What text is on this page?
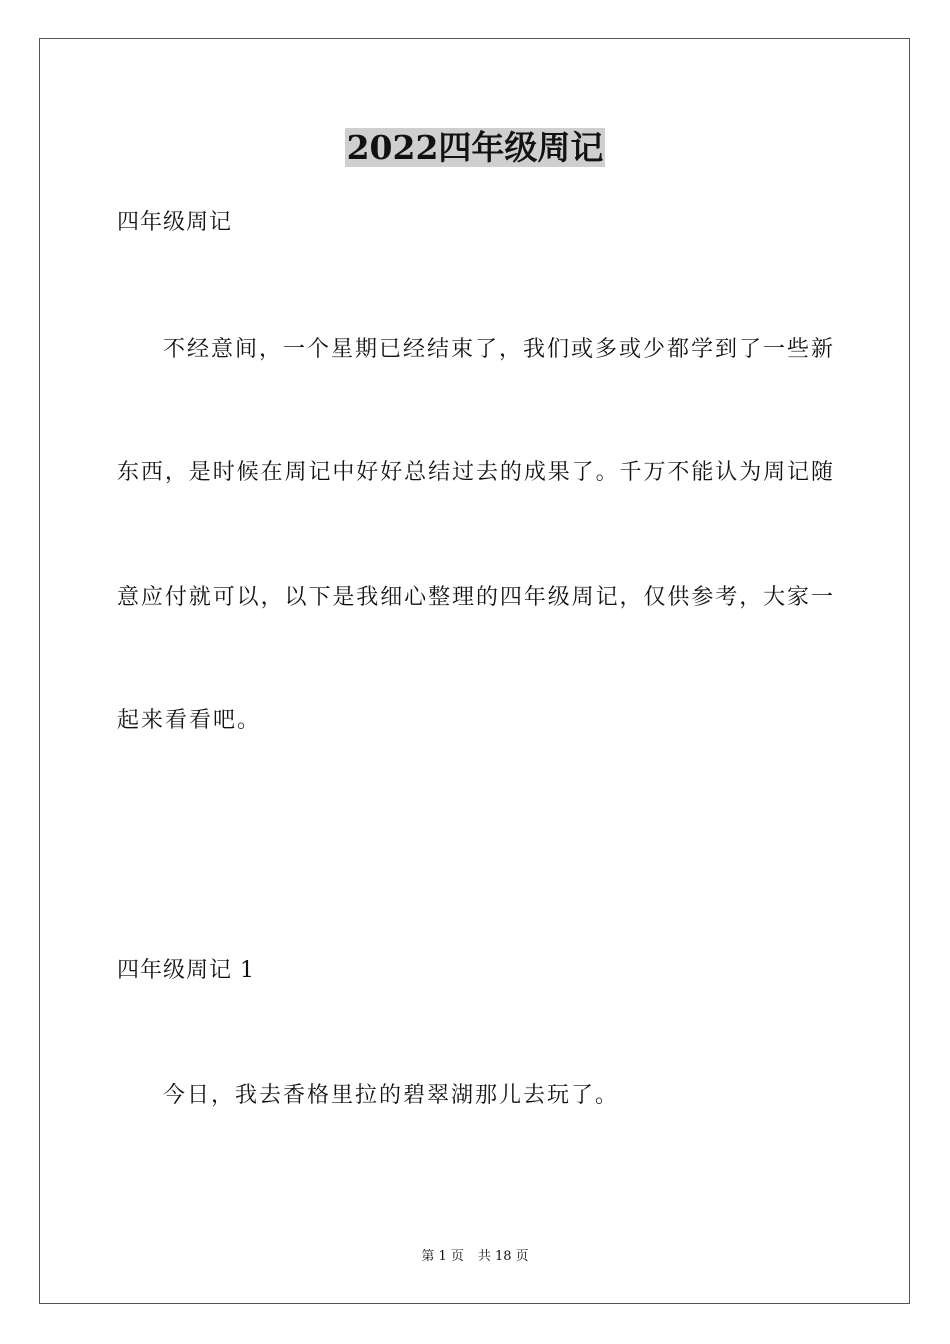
2022四年级周记
四年级周记
不经意间，一个星期已经结束了，我们或多或少都学到了一些新
东西，是时候在周记中好好总结过去的成果了。千万不能认为周记随
意应付就可以，以下是我细心整理的四年级周记，仅供参考，大家一
起来看看吧。
四年级周记 1
今日，我去香格里拉的碧翠湖那儿去玩了。
第 1 页 共 18 页
